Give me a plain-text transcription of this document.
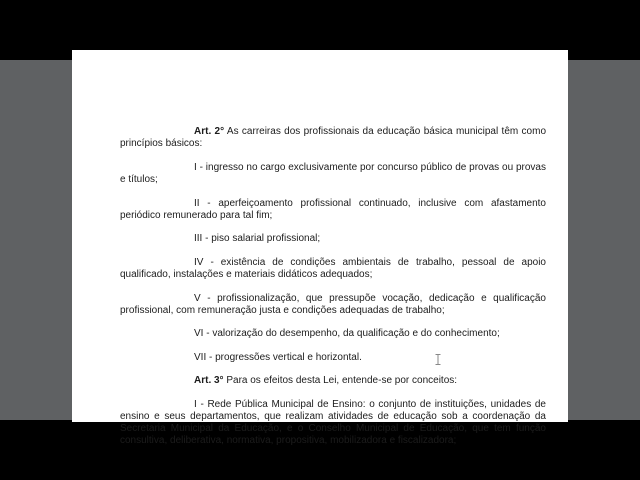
Art. 2° As carreiras dos profissionais da educação básica municipal têm como princípios básicos:

I - ingresso no cargo exclusivamente por concurso público de provas ou provas e títulos;

II - aperfeiçoamento profissional continuado, inclusive com afastamento periódico remunerado para tal fim;

III - piso salarial profissional;

IV - existência de condições ambientais de trabalho, pessoal de apoio qualificado, instalações e materiais didáticos adequados;

V - profissionalização, que pressupõe vocação, dedicação e qualificação profissional, com remuneração justa e condições adequadas de trabalho;

VI - valorização do desempenho, da qualificação e do conhecimento;

VII - progressões vertical e horizontal.

Art. 3° Para os efeitos desta Lei, entende-se por conceitos:

I - Rede Pública Municipal de Ensino: o conjunto de instituições, unidades de ensino e seus departamentos, que realizam atividades de educação sob a coordenação da Secretaria Municipal da Educação, e o Conselho Municipal de Educação, que tem função consultiva, deliberativa, normativa, propositiva, mobilizadora e fiscalizadora;
